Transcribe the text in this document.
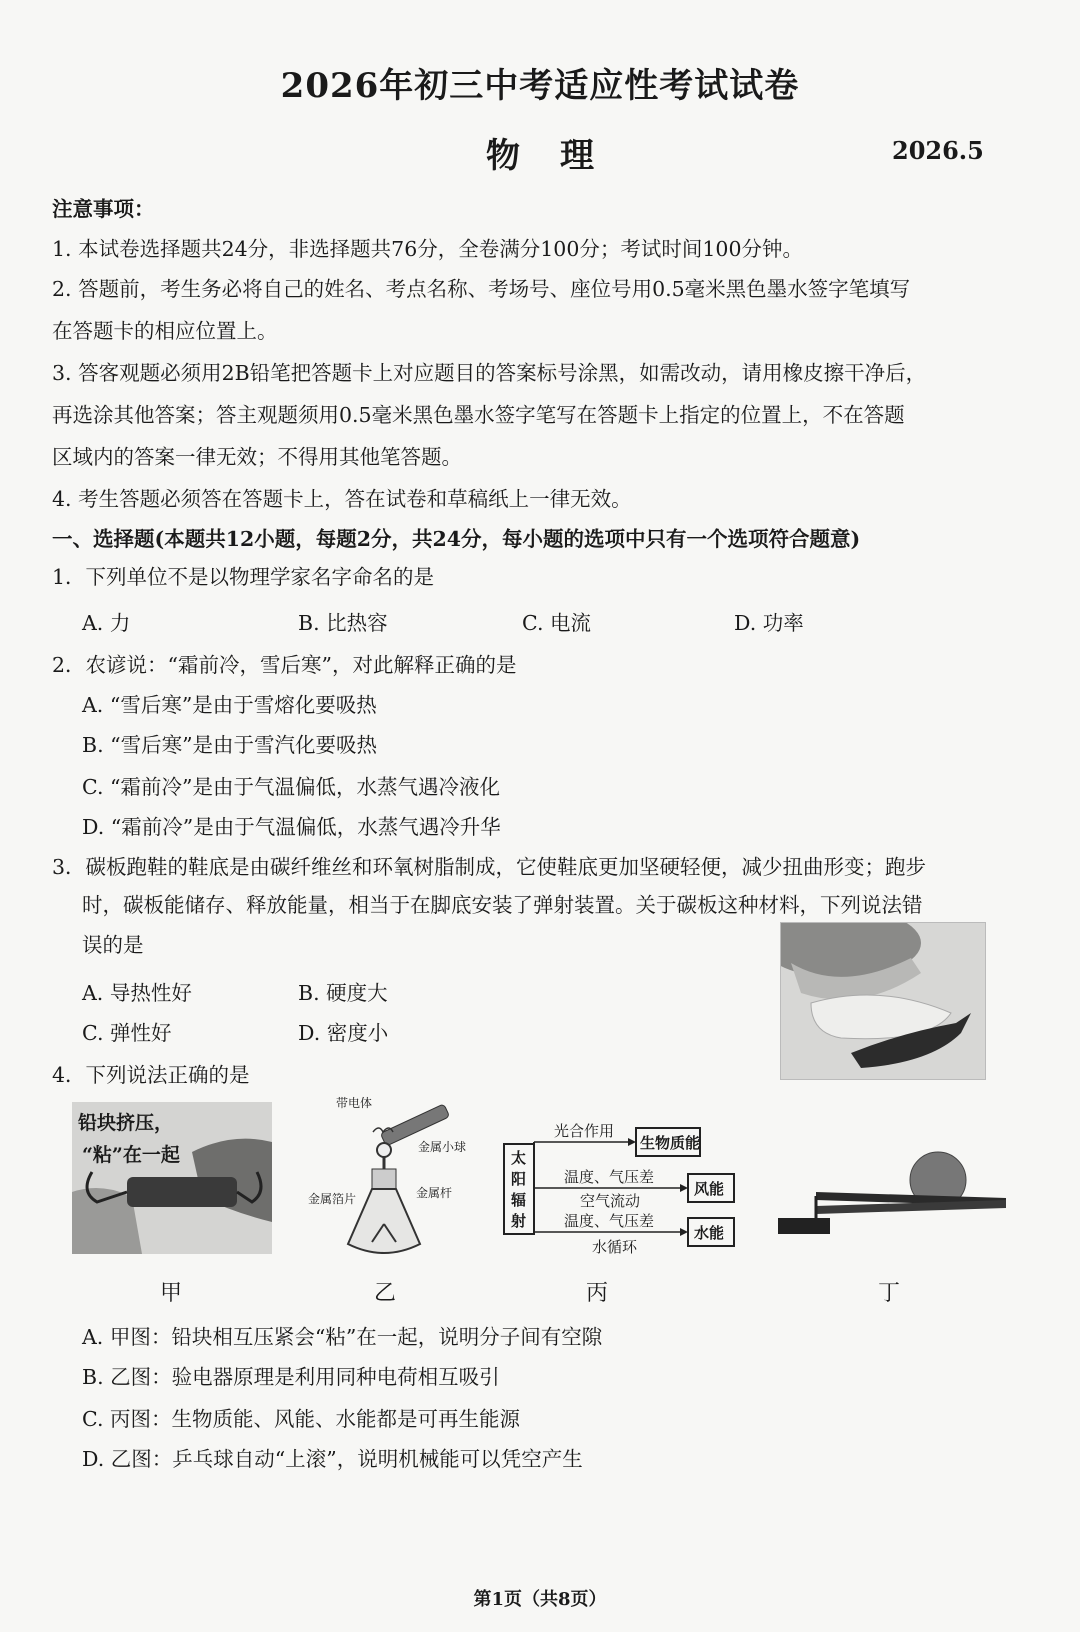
2026年初三中考适应性考试试卷
物理	2026.5
注意事项：
1. 本试卷选择题共24分，非选择题共76分，全卷满分100分；考试时间100分钟。
2. 答题前，考生务必将自己的姓名、考点名称、考场号、座位号用0.5毫米黑色墨水签字笔填写
在答题卡的相应位置上。
3. 答客观题必须用2B铅笔把答题卡上对应题目的答案标号涂黑，如需改动，请用橡皮擦干净后，
再选涂其他答案；答主观题须用0.5毫米黑色墨水签字笔写在答题卡上指定的位置上，不在答题
区域内的答案一律无效；不得用其他笔答题。
4. 考生答题必须答在答题卡上，答在试卷和草稿纸上一律无效。
一、选择题(本题共12小题，每题2分，共24分，每小题的选项中只有一个选项符合题意)
1．下列单位不是以物理学家名字命名的是
A. 力	B. 比热容	C. 电流	D. 功率
2．农谚说：“霜前冷，雪后寒”，对此解释正确的是
A. “雪后寒”是由于雪熔化要吸热
B. “雪后寒”是由于雪汽化要吸热
C. “霜前冷”是由于气温偏低，水蒸气遇冷液化
D. “霜前冷”是由于气温偏低，水蒸气遇冷升华
3．碳板跑鞋的鞋底是由碳纤维丝和环氧树脂制成，它使鞋底更加坚硬轻便，减少扭曲形变；跑步
时，碳板能储存、释放能量，相当于在脚底安装了弹射装置。关于碳板这种材料，下列说法错
误的是
A. 导热性好	B. 硬度大
C. 弹性好	D. 密度小
4．下列说法正确的是
铅块挤压，
“粘”在一起
带电体
金属小球
金属杆
金属箔片
太阳辐射
光合作用
生物质能
温度、气压差
空气流动
风能
温度、气压差
水循环
水能
甲	乙	丙	丁
A. 甲图：铅块相互压紧会“粘”在一起，说明分子间有空隙
B. 乙图：验电器原理是利用同种电荷相互吸引
C. 丙图：生物质能、风能、水能都是可再生能源
D. 乙图：乒乓球自动“上滚”，说明机械能可以凭空产生
第1页（共8页）
